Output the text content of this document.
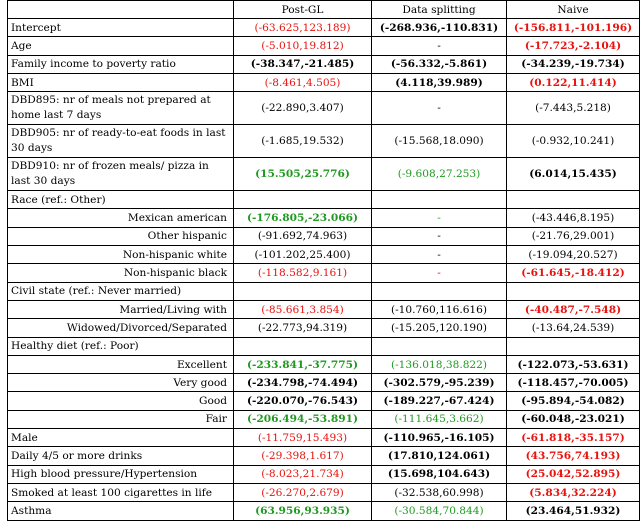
	Post-GL	Data splitting	Naive
Intercept	(-63.625,123.189)	(-268.936,-110.831)	(-156.811,-101.196)
Age	(-5.010,19.812)	-	(-17.723,-2.104)
Family income to poverty ratio	(-38.347,-21.485)	(-56.332,-5.861)	(-34.239,-19.734)
BMI	(-8.461,4.505)	(4.118,39.989)	(0.122,11.414)
DBD895: nr of meals not prepared at home last 7 days	(-22.890,3.407)	-	(-7.443,5.218)
DBD905: nr of ready-to-eat foods in last 30 days	(-1.685,19.532)	(-15.568,18.090)	(-0.932,10.241)
DBD910: nr of frozen meals/ pizza in last 30 days	(15.505,25.776)	(-9.608,27.253)	(6.014,15.435)
Race (ref.: Other)			
Mexican american	(-176.805,-23.066)	-	(-43.446,8.195)
Other hispanic	(-91.692,74.963)	-	(-21.76,29.001)
Non-hispanic white	(-101.202,25.400)	-	(-19.094,20.527)
Non-hispanic black	(-118.582,9.161)	-	(-61.645,-18.412)
Civil state (ref.: Never married)			
Married/Living with	(-85.661,3.854)	(-10.760,116.616)	(-40.487,-7.548)
Widowed/Divorced/Separated	(-22.773,94.319)	(-15.205,120.190)	(-13.64,24.539)
Healthy diet (ref.: Poor)			
Excellent	(-233.841,-37.775)	(-136.018,38.822)	(-122.073,-53.631)
Very good	(-234.798,-74.494)	(-302.579,-95.239)	(-118.457,-70.005)
Good	(-220.070,-76.543)	(-189.227,-67.424)	(-95.894,-54.082)
Fair	(-206.494,-53.891)	(-111.645,3.662)	(-60.048,-23.021)
Male	(-11.759,15.493)	(-110.965,-16.105)	(-61.818,-35.157)
Daily 4/5 or more drinks	(-29.398,1.617)	(17.810,124.061)	(43.756,74.193)
High blood pressure/Hypertension	(-8.023,21.734)	(15.698,104.643)	(25.042,52.895)
Smoked at least 100 cigarettes in life	(-26.270,2.679)	(-32.538,60.998)	(5.834,32.224)
Asthma	(63.956,93.935)	(-30.584,70.844)	(23.464,51.932)
